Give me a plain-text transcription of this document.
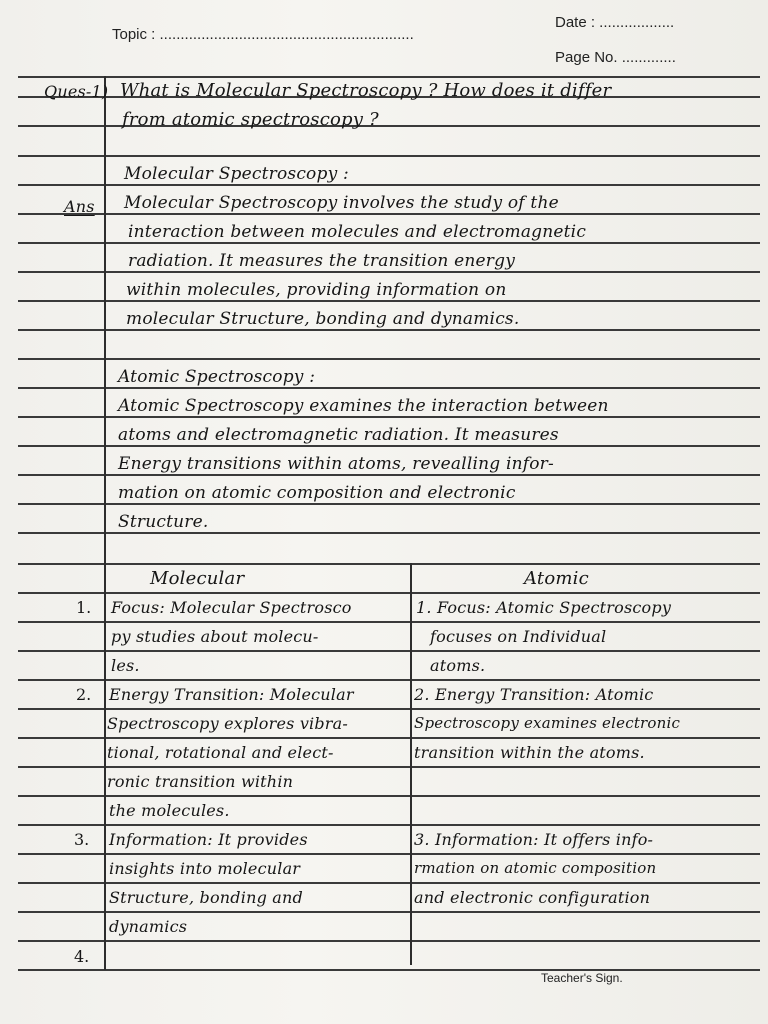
Topic : .............................................................
Date : ..................
Page No. .............
Teacher's Sign.
Ques-1)
Ans
What is Molecular Spectroscopy ? How does it differ
from atomic spectroscopy ?
Molecular Spectroscopy :
Molecular Spectroscopy involves the study of the
interaction between molecules and electromagnetic
radiation. It measures the transition energy
within molecules, providing information on
molecular Structure, bonding and dynamics.
Atomic Spectroscopy :
Atomic Spectroscopy examines the interaction between
atoms and electromagnetic radiation. It measures
Energy transitions within atoms, revealling infor-
mation on atomic composition and electronic
Structure.
Molecular	Atomic
1.
2.
3.
4.
Focus: Molecular Spectrosco
py studies about molecu-
les.
1. Focus: Atomic Spectroscopy
focuses on Individual
atoms.
Energy Transition: Molecular
Spectroscopy explores vibra-
tional, rotational and elect-
ronic transition within
the molecules.
2. Energy Transition: Atomic
Spectroscopy examines electronic
transition within the atoms.
Information: It provides
insights into molecular
Structure, bonding and
dynamics
3. Information: It offers info-
rmation on atomic composition
and electronic configuration
